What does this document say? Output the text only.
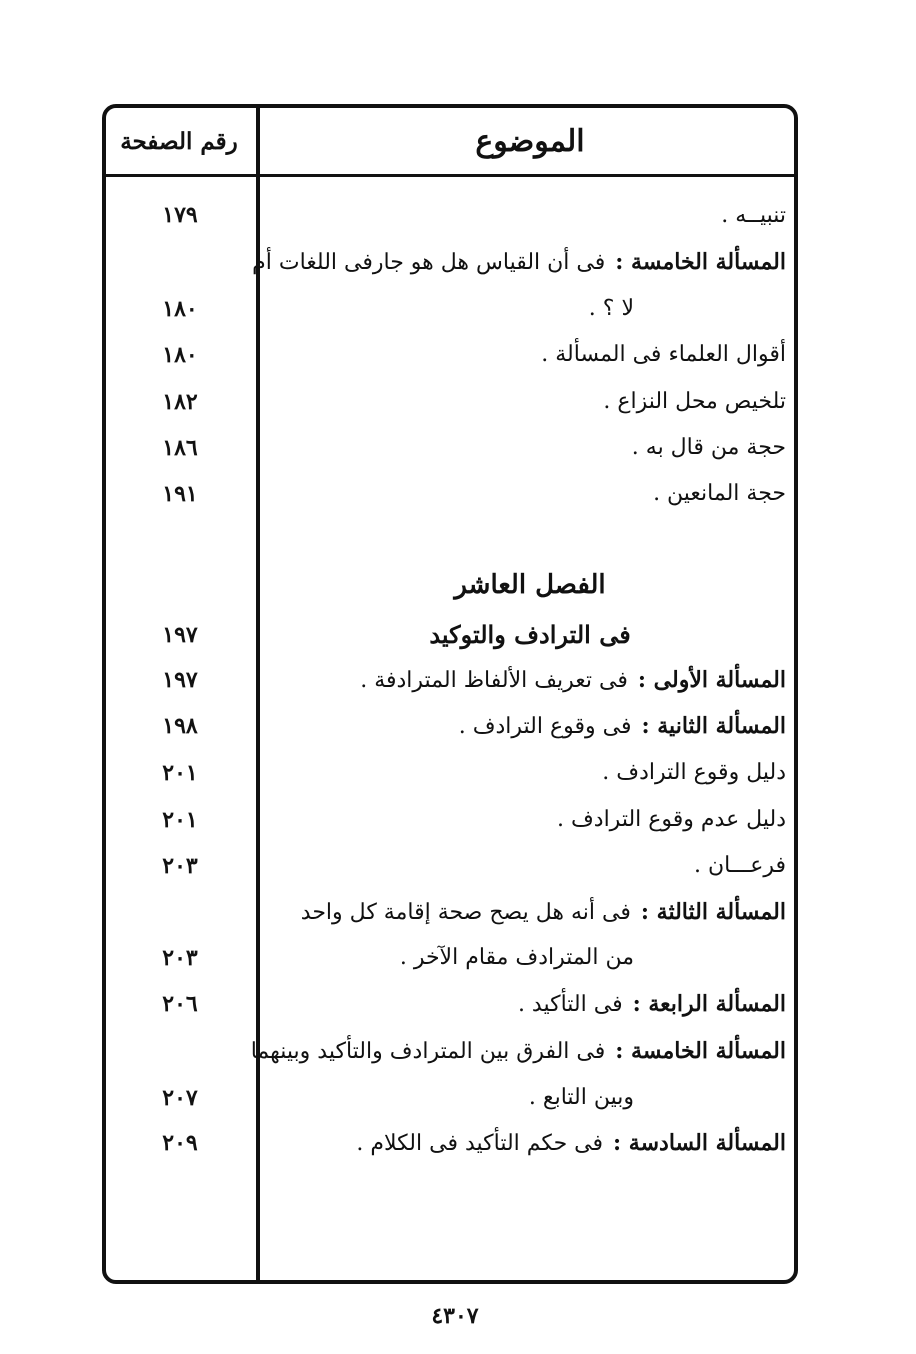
الموضوع
رقم الصفحة
تنبيــه .
١٧٩
المسألة الخامسة :فى أن القياس هل هو جارفى اللغات أم
لا ؟ .
١٨٠
أقوال العلماء فى المسألة .
١٨٠
تلخيص محل النزاع .
١٨٢
حجة من قال به .
١٨٦
حجة المانعين .
١٩١
الفصل العاشر
فى الترادف والتوكيد
١٩٧
المسألة الأولى :فى تعريف الألفاظ المترادفة .
١٩٧
المسألة الثانية :فى وقوع الترادف .
١٩٨
دليل وقوع الترادف .
٢٠١
دليل عدم وقوع الترادف .
٢٠١
فرعـــان .
٢٠٣
المسألة الثالثة :فى أنه هل يصح صحة إقامة كل واحد
من المترادف مقام الآخر .
٢٠٣
المسألة الرابعة :فى التأكيد .
٢٠٦
المسألة الخامسة :فى الفرق بين المترادف والتأكيد وبينهما
وبين التابع .
٢٠٧
المسألة السادسة :فى حكم التأكيد فى الكلام .
٢٠٩
٤٣٠٧
